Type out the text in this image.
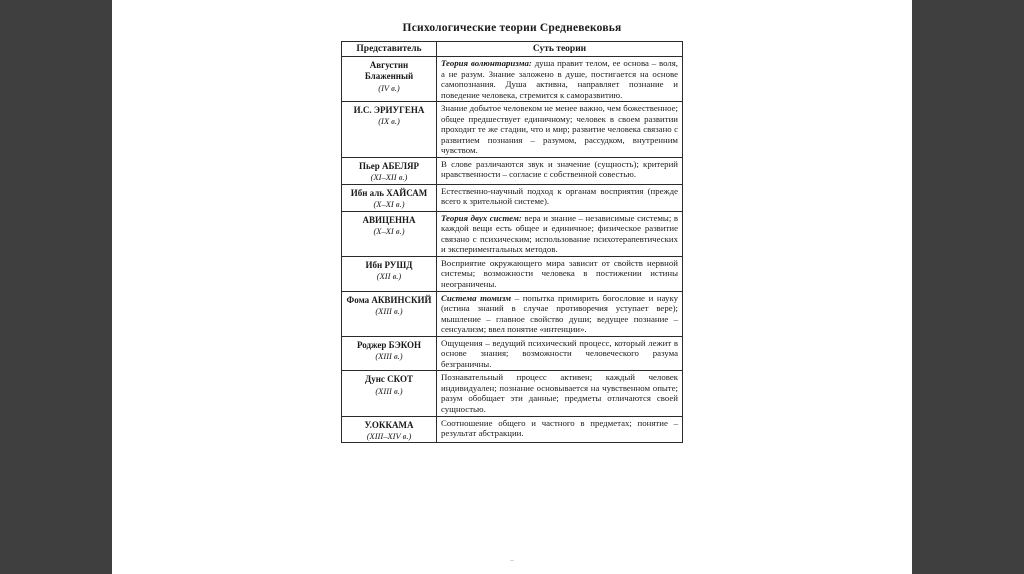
Психологические теории Средневековья
Представитель	Суть теории

Августин Блаженный
(IV в.)	Теория волюнтаризма: душа правит телом, ее основа – воля, а не разум. Знание заложено в душе, постигается на основе самопознания. Душа активна, направляет познание и поведение человека, стремится к саморазвитию.

И.С. ЭРИУГЕНА
(IX в.)	Знание добытое человеком не менее важно, чем божественное; общее предшествует единичному; человек в своем развитии проходит те же стадии, что и мир; развитие человека связано с развитием познания – разумом, рассудком, внутренним чувством.

Пьер АБЕЛЯР
(XI–XII в.)	В слове различаются звук и значение (сущность); критерий нравственности – согласие с собственной совестью.

Ибн аль ХАЙСАМ
(X–XI в.)	Естественно-научный подход к органам восприятия (прежде всего к зрительной системе).

АВИЦЕННА
(X–XI в.)	Теория двух систем: вера и знание – независимые системы; в каждой вещи есть общее и единичное; физическое развитие связано с психическим; использование психотерапевтических и экспериментальных методов.

Ибн РУШД
(XII в.)	Восприятие окружающего мира зависит от свойств нервной системы; возможности человека в постижении истины неограничены.

Фома АКВИНСКИЙ
(XIII в.)	Система томизм – попытка примирить богословие и науку (истина знаний в случае противоречия уступает вере); мышление – главное свойство души; ведущее познание – сенсуализм; ввел понятие «интенции».

Роджер БЭКОН
(XIII в.)	Ощущения – ведущий психический процесс, который лежит в основе знания; возможности человеческого разума безграничны.

Дунс СКОТ
(XIII в.)	Познавательный процесс активен; каждый человек индивидуален; познание основывается на чувственном опыте; разум обобщает эти данные; предметы отличаются своей сущностью.

У.ОККАМА
(XIII–XIV в.)	Соотношение общего и частного в предметах; понятие – результат абстракции.
–
